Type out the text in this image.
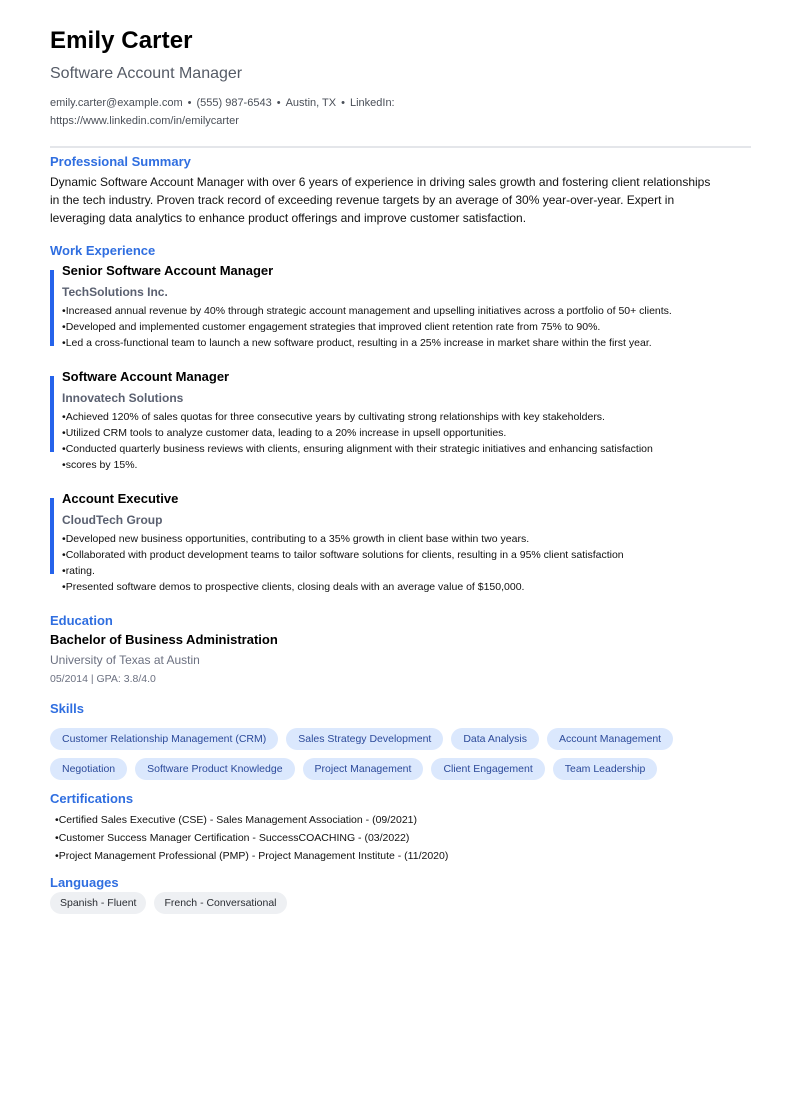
Emily Carter
Software Account Manager
emily.carter@example.com • (555) 987-6543 • Austin, TX • LinkedIn:
https://www.linkedin.com/in/emilycarter
Professional Summary
Dynamic Software Account Manager with over 6 years of experience in driving sales growth and fostering client relationships
in the tech industry. Proven track record of exceeding revenue targets by an average of 30% year-over-year. Expert in
leveraging data analytics to enhance product offerings and improve customer satisfaction.
Work Experience
Senior Software Account Manager
TechSolutions Inc.
• Increased annual revenue by 40% through strategic account management and upselling initiatives across a portfolio of 50+ clients.
• Developed and implemented customer engagement strategies that improved client retention rate from 75% to 90%.
• Led a cross-functional team to launch a new software product, resulting in a 25% increase in market share within the first year.
Software Account Manager
Innovatech Solutions
• Achieved 120% of sales quotas for three consecutive years by cultivating strong relationships with key stakeholders.
• Utilized CRM tools to analyze customer data, leading to a 20% increase in upsell opportunities.
• Conducted quarterly business reviews with clients, ensuring alignment with their strategic initiatives and enhancing satisfaction
• scores by 15%.
Account Executive
CloudTech Group
• Developed new business opportunities, contributing to a 35% growth in client base within two years.
• Collaborated with product development teams to tailor software solutions for clients, resulting in a 95% client satisfaction
• rating.
• Presented software demos to prospective clients, closing deals with an average value of $150,000.
Education
Bachelor of Business Administration
University of Texas at Austin
05/2014 | GPA: 3.8/4.0
Skills
Customer Relationship Management (CRM)	Sales Strategy Development	Data Analysis	Account Management
Negotiation	Software Product Knowledge	Project Management	Client Engagement	Team Leadership
Certifications
• Certified Sales Executive (CSE) - Sales Management Association - (09/2021)
• Customer Success Manager Certification - SuccessCOACHING - (03/2022)
• Project Management Professional (PMP) - Project Management Institute - (11/2020)
Languages
Spanish - Fluent	French - Conversational
